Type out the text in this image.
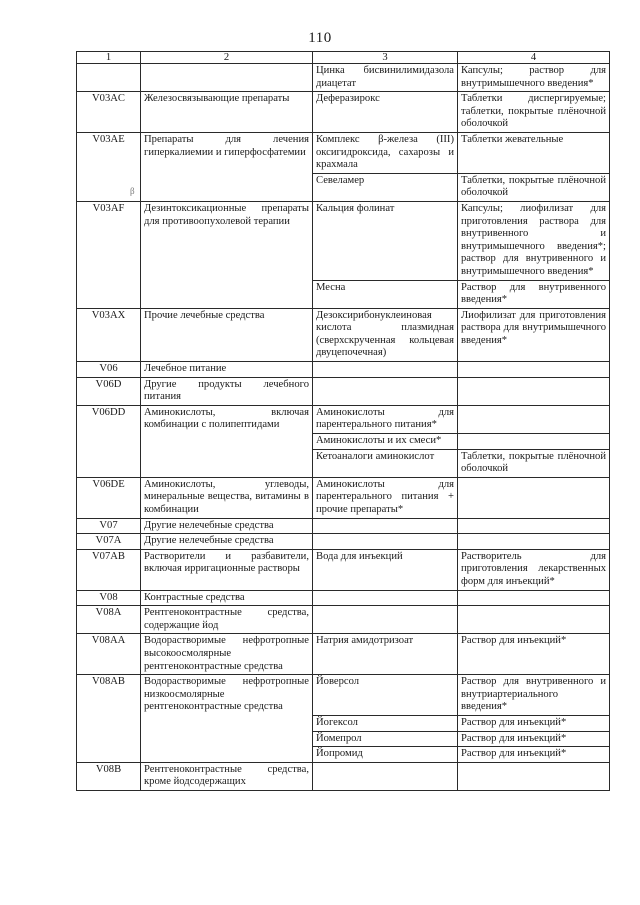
110
β
1	2	3	4
		Цинка бисвинилимидазола диацетат	Капсулы; раствор для внутримышечного введения*
V03AC	Железосвязывающие препараты	Деферазирокс	Таблетки диспергируемые; таблетки, покрытые плёночной оболочкой
V03AE	Препараты для лечения гиперкалиемии и гиперфосфатемии	Комплекс β-железа (III) оксигидроксида, сахарозы и крахмала	Таблетки жевательные
		Севеламер	Таблетки, покрытые плёночной оболочкой
V03AF	Дезинтоксикационные препараты для противоопухолевой терапии	Кальция фолинат	Капсулы; лиофилизат для приготовления раствора для внутривенного и внутримышечного введения*; раствор для внутривенного и внутримышечного введения*
		Месна	Раствор для внутривенного введения*
V03AX	Прочие лечебные средства	Дезоксирибонуклеиновая кислота плазмидная (сверхскрученная кольцевая двуцепочечная)	Лиофилизат для приготовления раствора для внутримышечного введения*
V06	Лечебное питание		
V06D	Другие продукты лечебного питания		
V06DD	Аминокислоты, включая комбинации с полипептидами	Аминокислоты для парентерального питания*	
		Аминокислоты и их смеси*	
		Кетоаналоги аминокислот	Таблетки, покрытые плёночной оболочкой
V06DE	Аминокислоты, углеводы, минеральные вещества, витамины в комбинации	Аминокислоты для парентерального питания + прочие препараты*	
V07	Другие нелечебные средства		
V07A	Другие нелечебные средства		
V07AB	Растворители и разбавители, включая ирригационные растворы	Вода для инъекций	Растворитель для приготовления лекарственных форм для инъекций*
V08	Контрастные средства		
V08A	Рентгеноконтрастные средства, содержащие йод		
V08AA	Водорастворимые нефротропные высокоосмолярные рентгеноконтрастные средства	Натрия амидотризоат	Раствор для инъекций*
V08AB	Водорастворимые нефротропные низкоосмолярные рентгеноконтрастные средства	Йоверсол	Раствор для внутривенного и внутриартериального введения*
		Йогексол	Раствор для инъекций*
		Йомепрол	Раствор для инъекций*
		Йопромид	Раствор для инъекций*
V08B	Рентгеноконтрастные средства, кроме йодсодержащих		
